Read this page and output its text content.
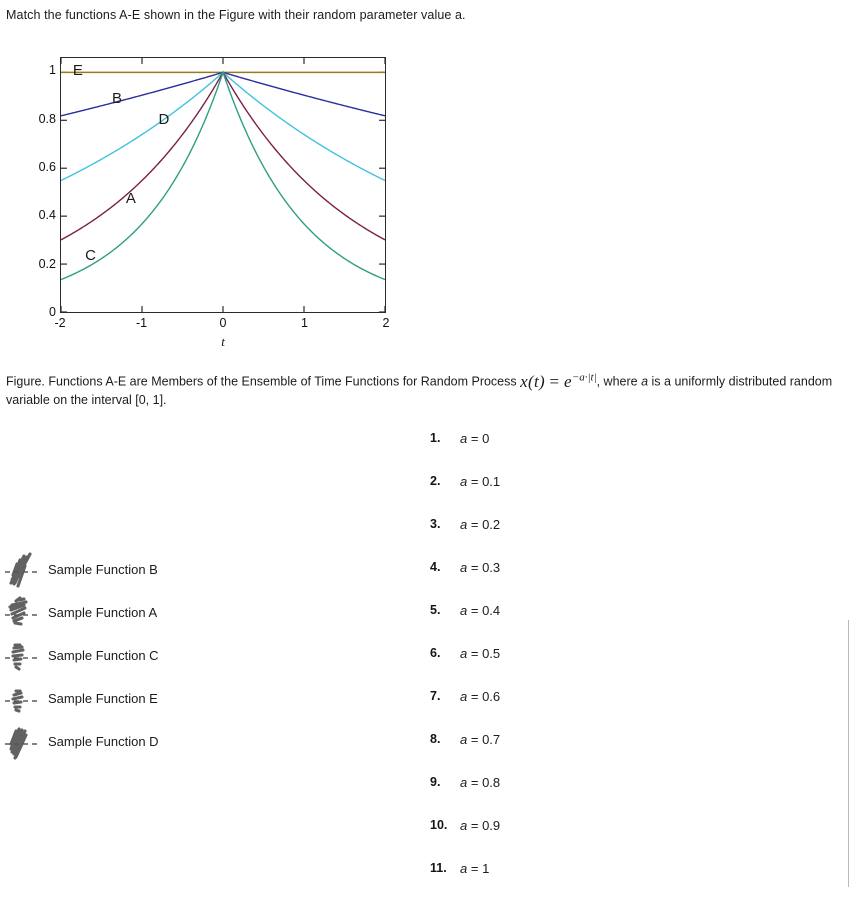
Match the functions A-E shown in the Figure with their random parameter value a.
0
0.2
0.4
0.6
0.8
1
-2	-1	0	1	2
t
E
B
D
A
C
Figure. Functions A-E are Members of the Ensemble of Time Functions for Random Process $x(t) = e^{-a\cdot|t|}$, where a is a uniformly distributed random variable on the interval [0, 1].
Sample Function B
Sample Function A
Sample Function C
Sample Function E
Sample Function D
1.	a = 0
2.	a = 0.1
3.	a = 0.2
4.	a = 0.3
5.	a = 0.4
6.	a = 0.5
7.	a = 0.6
8.	a = 0.7
9.	a = 0.8
10. a = 0.9
11.	a = 1
